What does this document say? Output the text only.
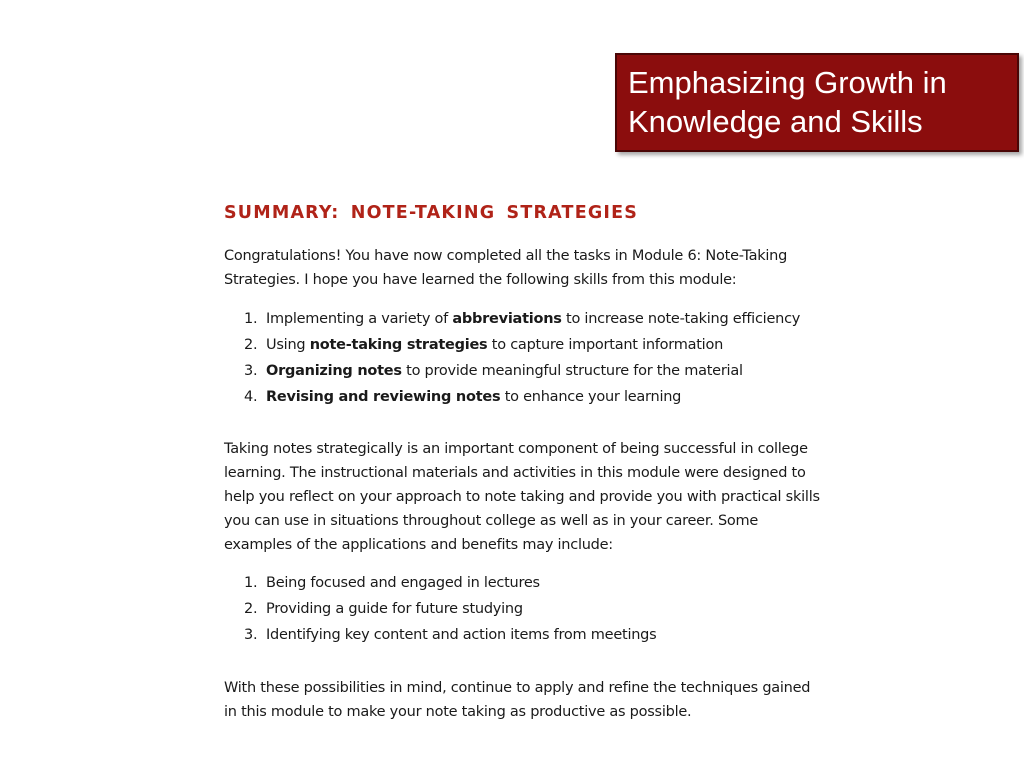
Emphasizing Growth in
Knowledge and Skills
SUMMARY: NOTE-TAKING STRATEGIES
Congratulations! You have now completed all the tasks in Module 6: Note-Taking
Strategies. I hope you have learned the following skills from this module:
1. Implementing a variety of abbreviations to increase note-taking efficiency
2. Using note-taking strategies to capture important information
3. Organizing notes to provide meaningful structure for the material
4. Revising and reviewing notes to enhance your learning
Taking notes strategically is an important component of being successful in college
learning. The instructional materials and activities in this module were designed to
help you reflect on your approach to note taking and provide you with practical skills
you can use in situations throughout college as well as in your career. Some
examples of the applications and benefits may include:
1. Being focused and engaged in lectures
2. Providing a guide for future studying
3. Identifying key content and action items from meetings
With these possibilities in mind, continue to apply and refine the techniques gained
in this module to make your note taking as productive as possible.
